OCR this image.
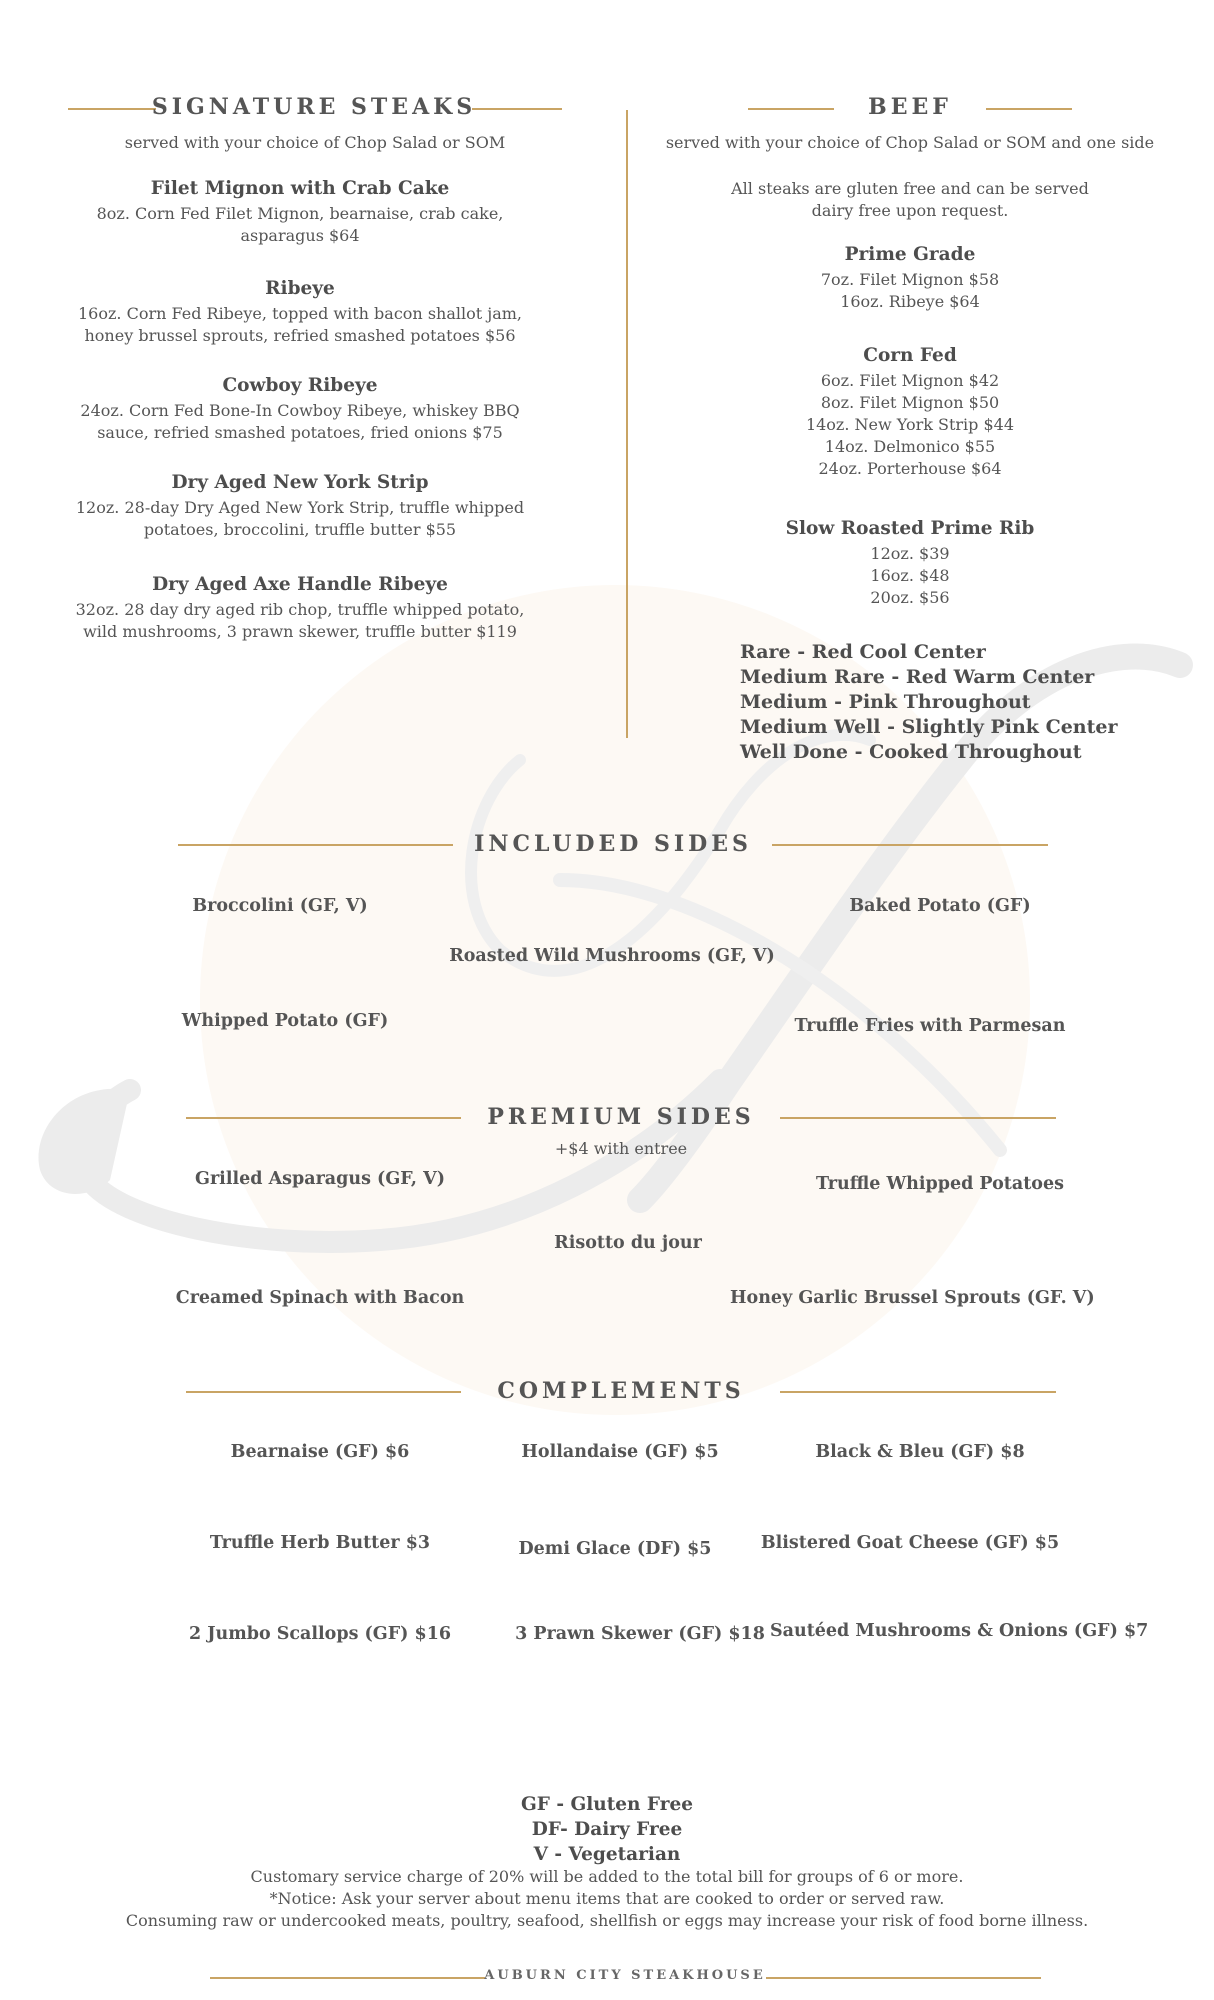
SIGNATURE STEAKS
served with your choice of Chop Salad or SOM
Filet Mignon with Crab Cake
8oz. Corn Fed Filet Mignon, bearnaise, crab cake,
asparagus $64
Ribeye
16oz. Corn Fed Ribeye, topped with bacon shallot jam,
honey brussel sprouts, refried smashed potatoes $56
Cowboy Ribeye
24oz. Corn Fed Bone-In Cowboy Ribeye, whiskey BBQ
sauce, refried smashed potatoes, fried onions $75
Dry Aged New York Strip
12oz. 28-day Dry Aged New York Strip, truffle whipped
potatoes, broccolini, truffle butter $55
Dry Aged Axe Handle Ribeye
32oz. 28 day dry aged rib chop, truffle whipped potato,
wild mushrooms, 3 prawn skewer, truffle butter $119
BEEF
served with your choice of Chop Salad or SOM and one side
All steaks are gluten free and can be served
dairy free upon request.
Prime Grade
7oz. Filet Mignon $58
16oz. Ribeye $64
Corn Fed
6oz. Filet Mignon $42
8oz. Filet Mignon $50
14oz. New York Strip $44
14oz. Delmonico $55
24oz. Porterhouse $64
Slow Roasted Prime Rib
12oz. $39
16oz. $48
20oz. $56
Rare - Red Cool Center
Medium Rare - Red Warm Center
Medium - Pink Throughout
Medium Well - Slightly Pink Center
Well Done - Cooked Throughout
INCLUDED SIDES
Broccolini (GF, V)	Baked Potato (GF)
Roasted Wild Mushrooms (GF, V)
Whipped Potato (GF)	Truffle Fries with Parmesan
PREMIUM SIDES
+$4 with entree
Grilled Asparagus (GF, V)	Truffle Whipped Potatoes
Risotto du jour
Creamed Spinach with Bacon	Honey Garlic Brussel Sprouts (GF. V)
COMPLEMENTS
Bearnaise (GF) $6	Hollandaise (GF) $5	Black & Bleu (GF) $8
Truffle Herb Butter $3	Demi Glace (DF) $5	Blistered Goat Cheese (GF) $5
2 Jumbo Scallops (GF) $16	3 Prawn Skewer (GF) $18 Sautéed Mushrooms & Onions (GF) $7
GF - Gluten Free
DF- Dairy Free
V - Vegetarian
Customary service charge of 20% will be added to the total bill for groups of 6 or more.
*Notice: Ask your server about menu items that are cooked to order or served raw.
Consuming raw or undercooked meats, poultry, seafood, shellfish or eggs may increase your risk of food borne illness.
AUBURN CITY STEAKHOUSE
